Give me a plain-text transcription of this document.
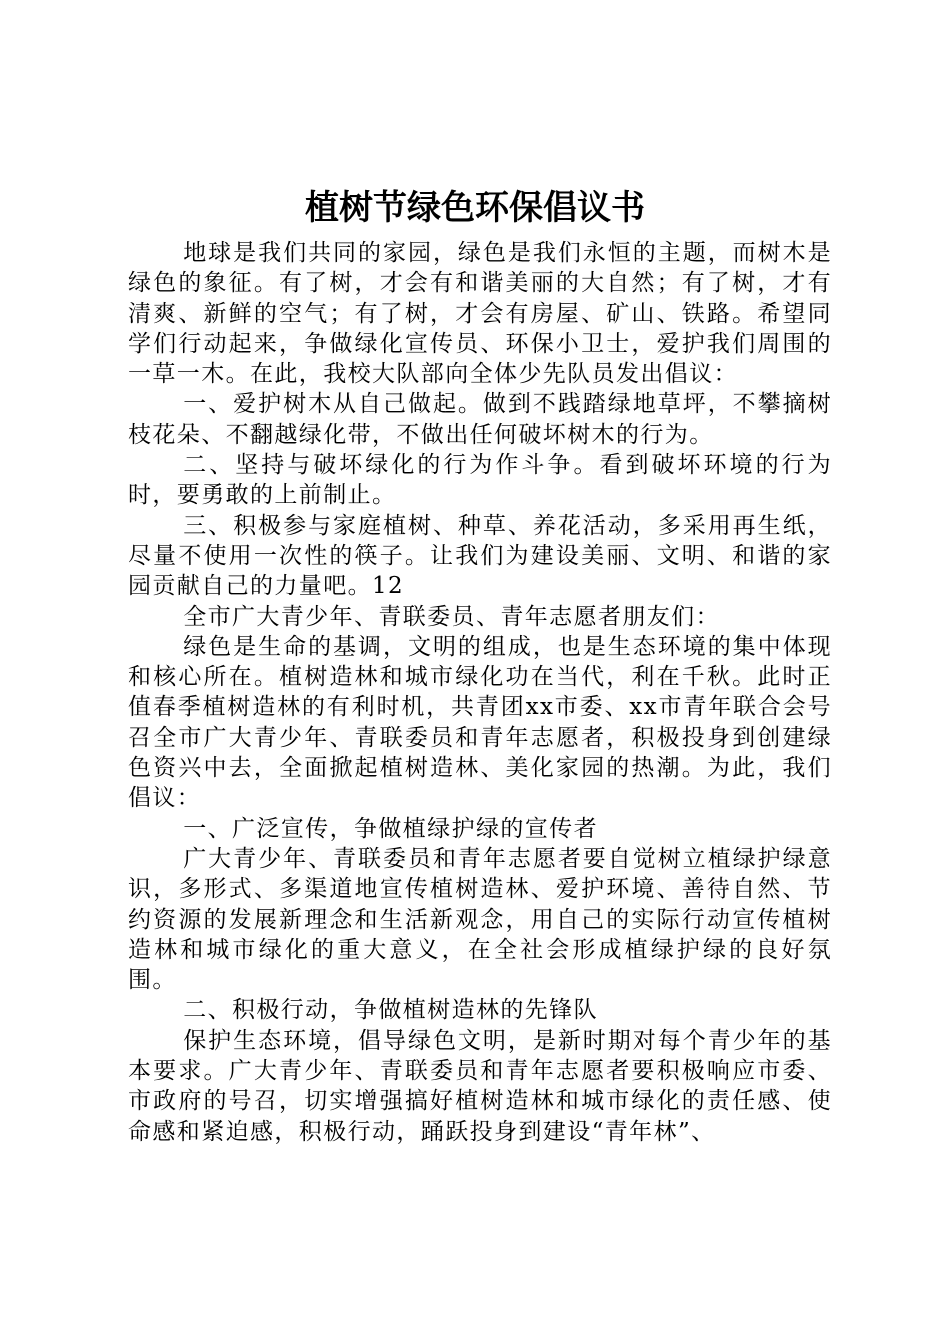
植树节绿色环保倡议书

地球是我们共同的家园，绿色是我们永恒的主题，而树木是绿色的象征。有了树，才会有和谐美丽的大自然；有了树，才有清爽、新鲜的空气；有了树，才会有房屋、矿山、铁路。希望同学们行动起来，争做绿化宣传员、环保小卫士，爱护我们周围的一草一木。在此，我校大队部向全体少先队员发出倡议：

一、爱护树木从自己做起。做到不践踏绿地草坪，不攀摘树枝花朵、不翻越绿化带，不做出任何破坏树木的行为。

二、坚持与破坏绿化的行为作斗争。看到破坏环境的行为时，要勇敢的上前制止。

三、积极参与家庭植树、种草、养花活动，多采用再生纸，尽量不使用一次性的筷子。让我们为建设美丽、文明、和谐的家园贡献自己的力量吧。12

全市广大青少年、青联委员、青年志愿者朋友们：

绿色是生命的基调，文明的组成，也是生态环境的集中体现和核心所在。植树造林和城市绿化功在当代，利在千秋。此时正值春季植树造林的有利时机，共青团xx市委、xx市青年联合会号召全市广大青少年、青联委员和青年志愿者，积极投身到创建绿色资兴中去，全面掀起植树造林、美化家园的热潮。为此，我们倡议：

一、广泛宣传，争做植绿护绿的宣传者

广大青少年、青联委员和青年志愿者要自觉树立植绿护绿意识，多形式、多渠道地宣传植树造林、爱护环境、善待自然、节约资源的发展新理念和生活新观念，用自己的实际行动宣传植树造林和城市绿化的重大意义，在全社会形成植绿护绿的良好氛围。

二、积极行动，争做植树造林的先锋队

保护生态环境，倡导绿色文明，是新时期对每个青少年的基本要求。广大青少年、青联委员和青年志愿者要积极响应市委、市政府的号召，切实增强搞好植树造林和城市绿化的责任感、使命感和紧迫感，积极行动，踊跃投身到建设“青年林”、
